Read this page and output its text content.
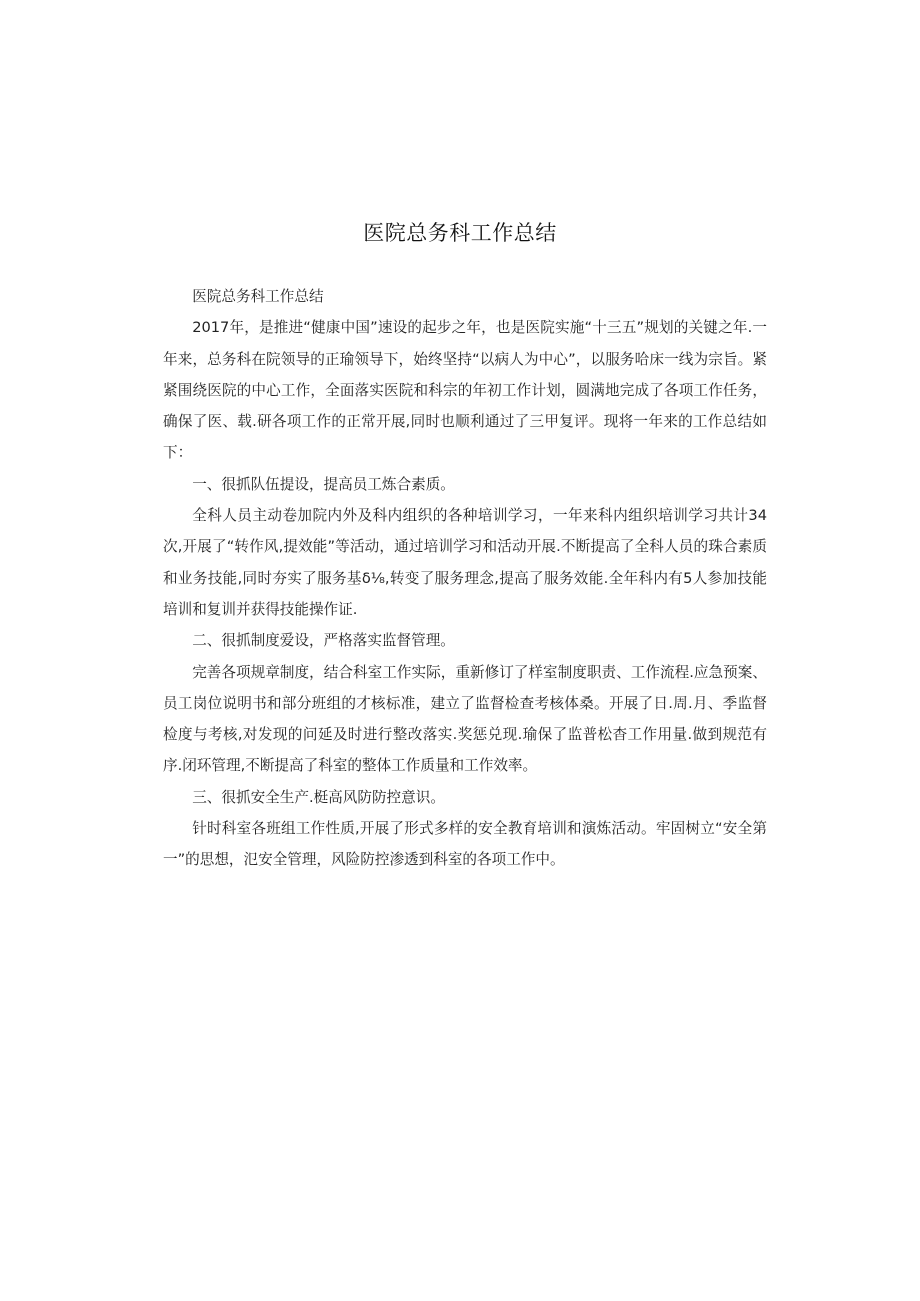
医院总务科工作总结

医院总务科工作总结

2017年，是推进“健康中国”速设的起步之年，也是医院实施“十三五”规划的关键之年.一年来，总务科在院领导的正瑜领导下，始终坚持“以病人为中心”，以服务哈床一线为宗旨。紧紧围绕医院的中心工作，全面落实医院和科宗的年初工作计划，圆满地完成了各项工作任务，确保了医、载.研各项工作的正常开展,同时也顺利通过了三甲复评。现将一年来的工作总结如下：

一、很抓队伍提设，提高员工炼合素质。

全科人员主动卷加院内外及科内组织的各种培训学习，一年来科内组织培训学习共计34次,开展了“转作风,提效能”等活动，通过培训学习和活动开展.不断提高了全科人员的珠合素质和业务技能,同时夯实了服务基δ⅛,转变了服务理念,提高了服务效能.全年科内有5人参加技能培训和复训并获得技能操作证.

二、很抓制度爱设，严格落实监督管理。

完善各项规章制度，结合科室工作实际，重新修订了样室制度职责、工作流程.应急预案、员工岗位说明书和部分班组的才核标准，建立了监督检查考核体桑。开展了日.周.月、季监督检度与考核,对发现的问延及时进行整改落实.奖惩兑现.瑜保了监普松杳工作用量.做到规范有序.闭环管理,不断提高了科室的整体工作质量和工作效率。

三、很抓安全生产.梃高风防防控意识。

针时科室各班组工作性质,开展了形式多样的安全教育培训和演炼活动。牢固树立“安全第一”的思想，氾安全管理，风险防控渗透到科室的各项工作中。
